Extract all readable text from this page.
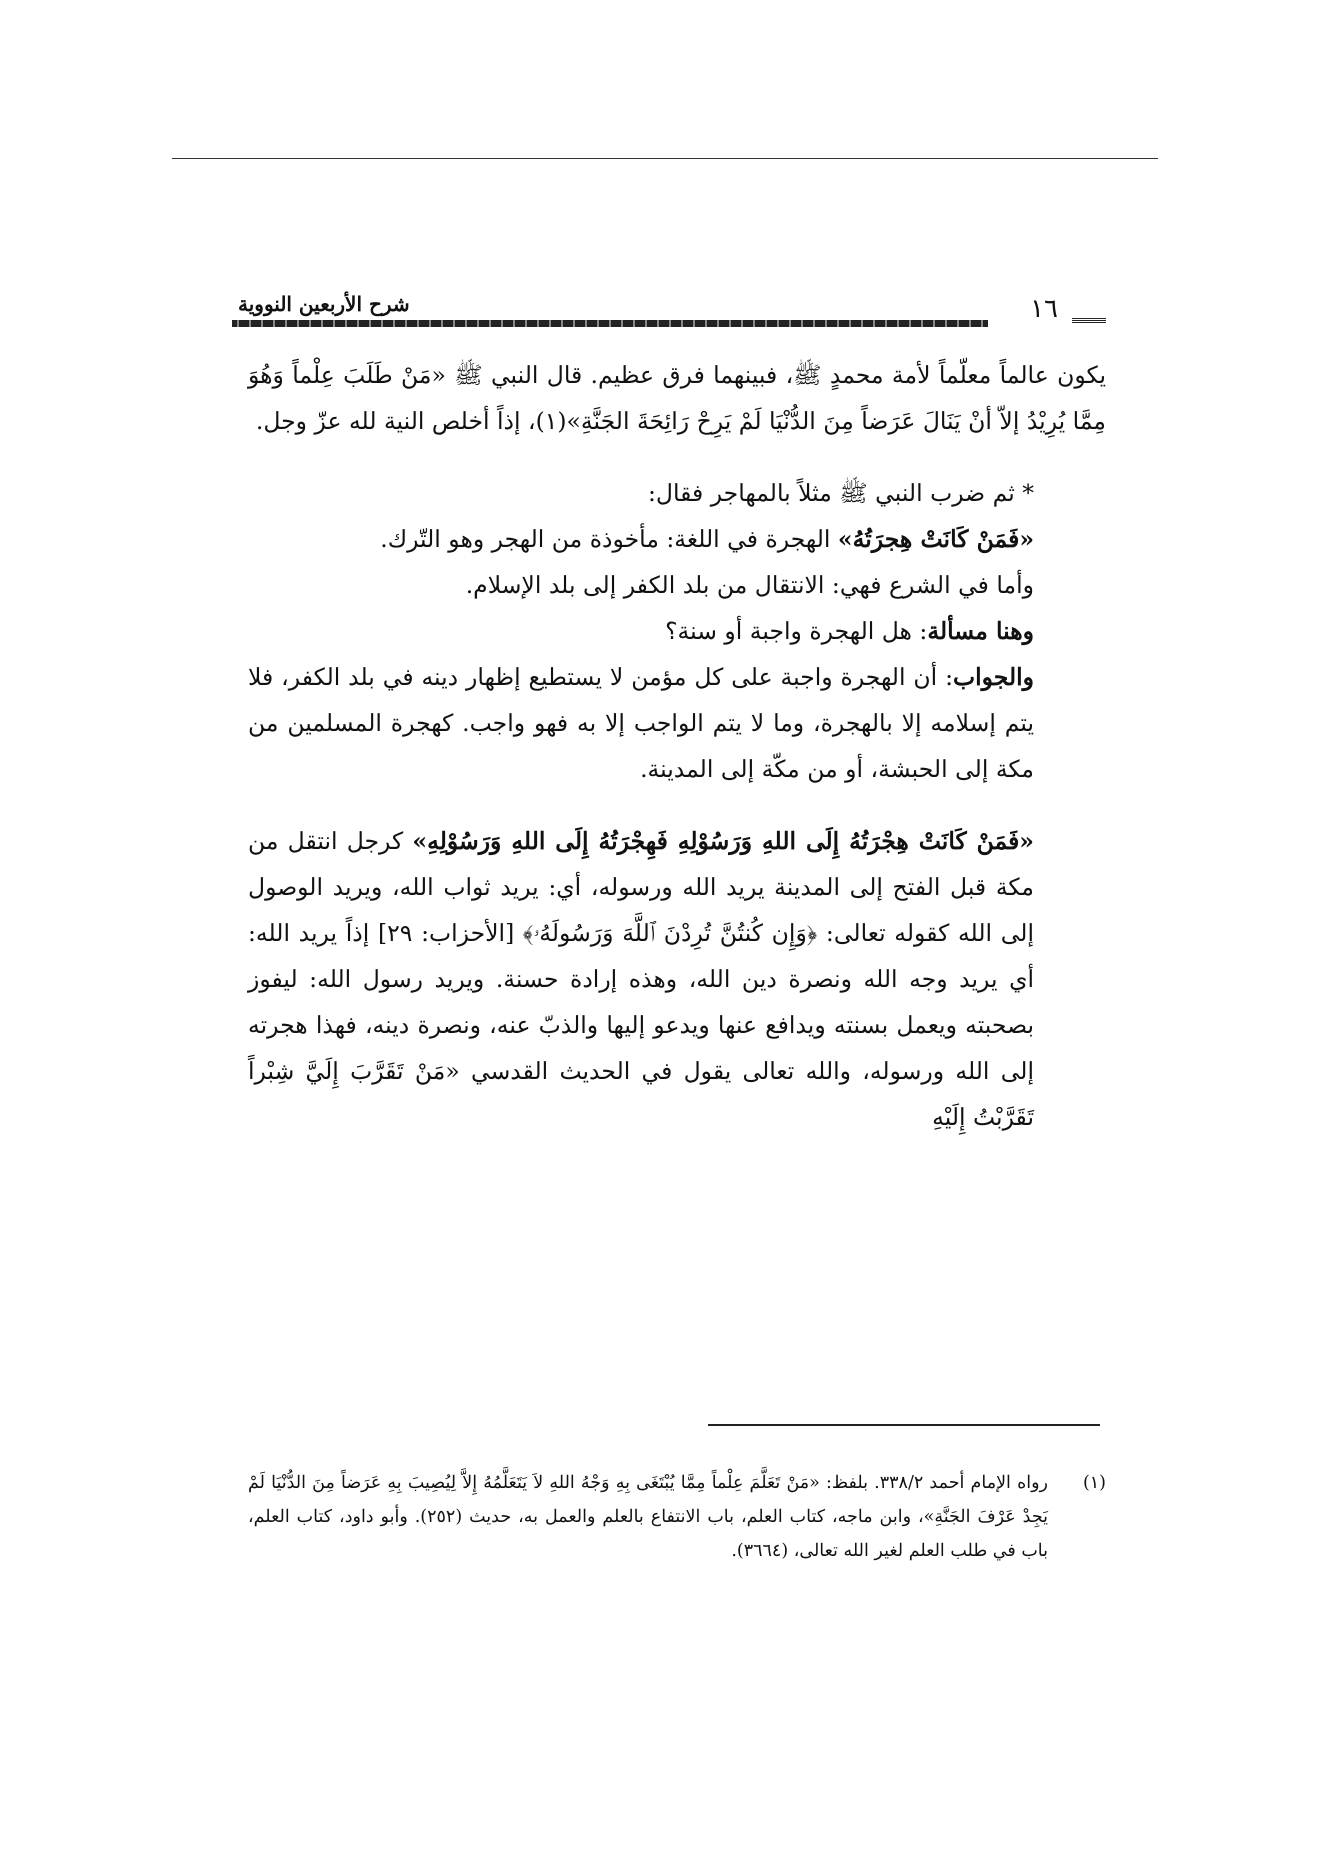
شرح الأربعين النووية	١٦

يكون عالماً معلّماً لأمة محمدٍ ﷺ، فبينهما فرق عظيم. قال النبي ﷺ «مَنْ طَلَبَ عِلْماً وَهُوَ مِمَّا يُرِيْدُ إلاّ أنْ يَنَالَ عَرَضاً مِنَ الدُّنْيَا لَمْ يَرِحْ رَائِحَةَ الجَنَّةِ»(١)، إذاً أخلص النية لله عزّ وجل.

* ثم ضرب النبي ﷺ مثلاً بالمهاجر فقال:

«فَمَنْ كَانَتْ هِجرَتُهُ» الهجرة في اللغة: مأخوذة من الهجر وهو التّرك.

وأما في الشرع فهي: الانتقال من بلد الكفر إلى بلد الإسلام.

وهنا مسألة: هل الهجرة واجبة أو سنة؟

والجواب: أن الهجرة واجبة على كل مؤمن لا يستطيع إظهار دينه في بلد الكفر، فلا يتم إسلامه إلا بالهجرة، وما لا يتم الواجب إلا به فهو واجب. كهجرة المسلمين من مكة إلى الحبشة، أو من مكّة إلى المدينة.

«فَمَنْ كَانَتْ هِجْرَتُهُ إِلَى اللهِ وَرَسُوْلِهِ فَهِجْرَتُهُ إِلَى اللهِ وَرَسُوْلِهِ» كرجل انتقل من مكة قبل الفتح إلى المدينة يريد الله ورسوله، أي: يريد ثواب الله، ويريد الوصول إلى الله كقوله تعالى: ﴿وَإِن كُنتُنَّ تُرِدْنَ ٱللَّهَ وَرَسُولَهُۥ﴾ [الأحزاب: ٢٩] إذاً يريد الله: أي يريد وجه الله ونصرة دين الله، وهذه إرادة حسنة. ويريد رسول الله: ليفوز بصحبته ويعمل بسنته ويدافع عنها ويدعو إليها والذبّ عنه، ونصرة دينه، فهذا هجرته إلى الله ورسوله، والله تعالى يقول في الحديث القدسي «مَنْ تَقَرَّبَ إِلَيَّ شِبْراً تَقَرَّبْتُ إِلَيْهِ

(١)
رواه الإمام أحمد ٣٣٨/٢. بلفظ: «مَنْ تَعَلَّمَ عِلْماً مِمَّا يُبْتَغَى بِهِ وَجْهُ اللهِ لاَ يَتَعَلَّمُهُ إِلاَّ لِيُصِيبَ بِهِ عَرَضاً مِنَ الدُّنْيَا لَمْ يَجِدْ عَرْفَ الجَنَّةِ»، وابن ماجه، كتاب العلم، باب الانتفاع بالعلم والعمل به، حديث (٢٥٢). وأبو داود، كتاب العلم، باب في طلب العلم لغير الله تعالى، (٣٦٦٤).
